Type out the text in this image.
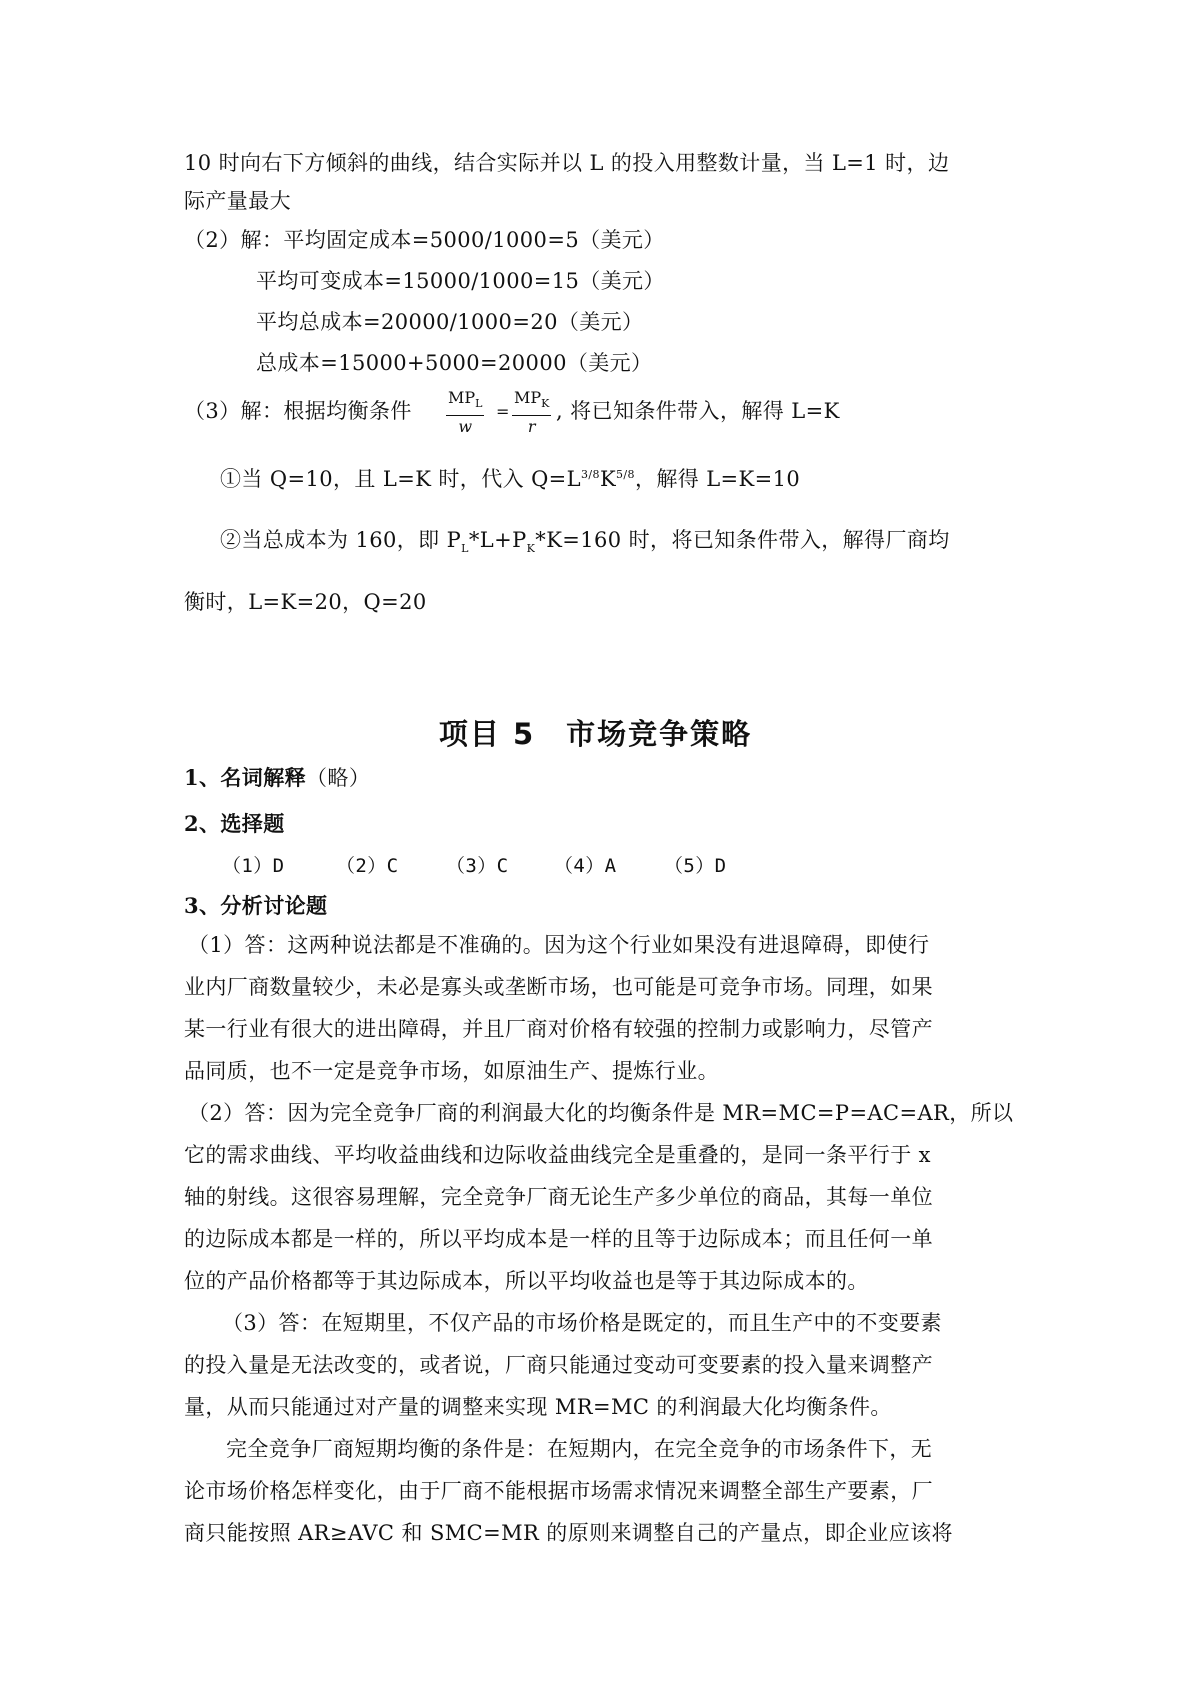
10 时向右下方倾斜的曲线，结合实际并以 L 的投入用整数计量，当 L=1 时，边
际产量最大
（2）解：平均固定成本=5000/1000=5（美元）
平均可变成本=15000/1000=15（美元）
平均总成本=20000/1000=20（美元）
总成本=15000+5000=20000（美元）
（3）解：根据均衡条件
$MP_L$
w
=
$MP_K$
r
, 将已知条件带入，解得 L=K
①当 Q=10，且 L=K 时，代入 $Q=L^{3/8}K^{5/8}$，解得 L=K=10
②当总成本为 160，即 $P_L*L+P_K*K=160$ 时，将已知条件带入，解得厂商均
衡时，L=K=20，Q=20
项目 5　市场竞争策略
1、名词解释（略）
2、选择题
（1）D	（2）C	（3）C （4）A	（5）D
3、分析讨论题
（1）答：这两种说法都是不准确的。因为这个行业如果没有进退障碍，即使行
业内厂商数量较少，未必是寡头或垄断市场，也可能是可竞争市场。同理，如果
某一行业有很大的进出障碍，并且厂商对价格有较强的控制力或影响力，尽管产
品同质，也不一定是竞争市场，如原油生产、提炼行业。
（2）答：因为完全竞争厂商的利润最大化的均衡条件是 MR=MC=P=AC=AR，所以
它的需求曲线、平均收益曲线和边际收益曲线完全是重叠的，是同一条平行于 x
轴的射线。这很容易理解，完全竞争厂商无论生产多少单位的商品，其每一单位
的边际成本都是一样的，所以平均成本是一样的且等于边际成本；而且任何一单
位的产品价格都等于其边际成本，所以平均收益也是等于其边际成本的。
（3）答：在短期里，不仅产品的市场价格是既定的，而且生产中的不变要素
的投入量是无法改变的，或者说，厂商只能通过变动可变要素的投入量来调整产
量，从而只能通过对产量的调整来实现 MR=MC 的利润最大化均衡条件。
完全竞争厂商短期均衡的条件是：在短期内，在完全竞争的市场条件下，无
论市场价格怎样变化，由于厂商不能根据市场需求情况来调整全部生产要素，厂
商只能按照 AR≥AVC 和 SMC=MR 的原则来调整自己的产量点，即企业应该将
